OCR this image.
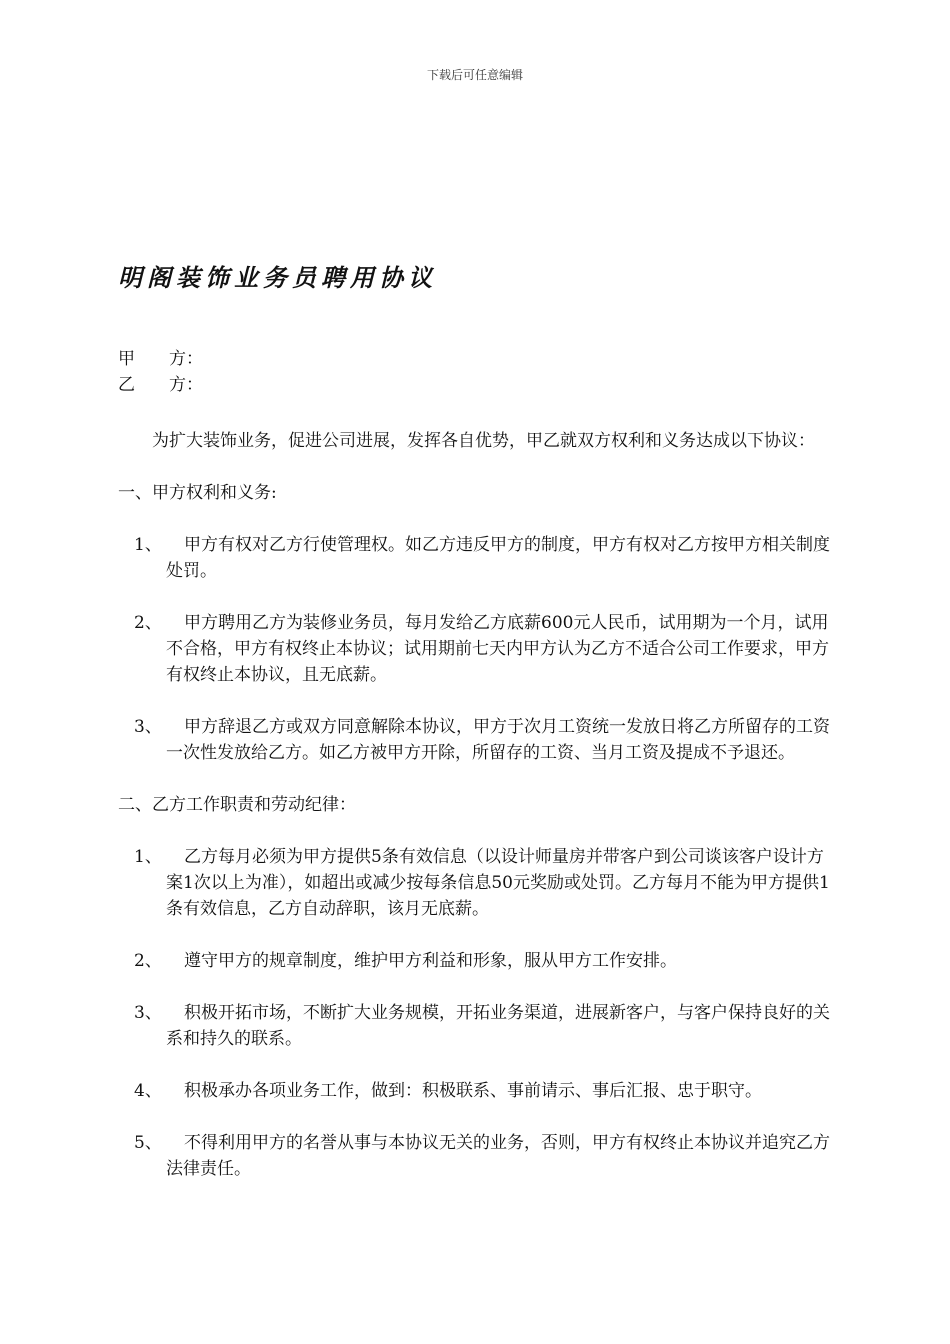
下载后可任意编辑
明阁装饰业务员聘用协议
甲　　方：
乙　　方：

为扩大装饰业务，促进公司进展，发挥各自优势，甲乙就双方权利和义务达成以下协议：

一、甲方权利和义务:
1、	甲方有权对乙方行使管理权。如乙方违反甲方的制度，甲方有权对乙方按甲方相关制度处罚。
2、	甲方聘用乙方为装修业务员，每月发给乙方底薪600元人民币，试用期为一个月，试用不合格，甲方有权终止本协议；试用期前七天内甲方认为乙方不适合公司工作要求，甲方有权终止本协议，且无底薪。
3、	甲方辞退乙方或双方同意解除本协议，甲方于次月工资统一发放日将乙方所留存的工资一次性发放给乙方。如乙方被甲方开除，所留存的工资、当月工资及提成不予退还。
二、乙方工作职责和劳动纪律：
1、	乙方每月必须为甲方提供5条有效信息（以设计师量房并带客户到公司谈该客户设计方案1次以上为准），如超出或减少按每条信息50元奖励或处罚。乙方每月不能为甲方提供1条有效信息，乙方自动辞职，该月无底薪。
2、	遵守甲方的规章制度，维护甲方利益和形象，服从甲方工作安排。
3、	积极开拓市场，不断扩大业务规模，开拓业务渠道，进展新客户，与客户保持良好的关系和持久的联系。
4、	积极承办各项业务工作，做到：积极联系、事前请示、事后汇报、忠于职守。
5、	不得利用甲方的名誉从事与本协议无关的业务，否则，甲方有权终止本协议并追究乙方法律责任。
